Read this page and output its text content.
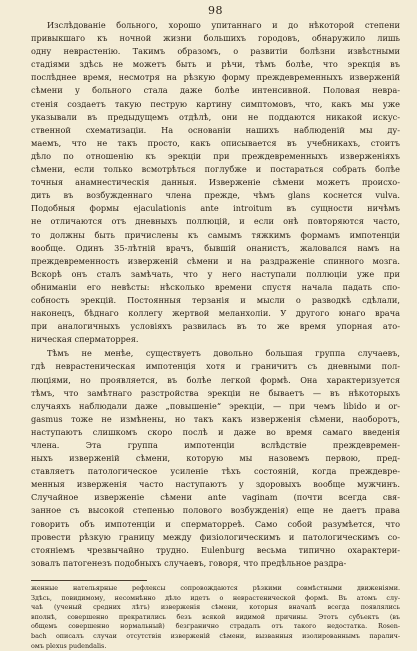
98
Изслѣдованіе больного, хорошо упитаннаго и до нѣкоторой степени
привыкшаго къ ночной жизни большихъ городовъ, обнаружило лишь
одну неврастенію. Такимъ образомъ, о развитіи болѣзни извѣстными
стадіями здѣсь не можетъ быть и рѣчи, тѣмъ болѣе, что эрекція въ
послѣднее время, несмотря на рѣзкую форму преждевременныхъ изверженій
сѣмени у больного стала даже болѣе интенсивной. Половая невра-
стенія создаетъ такую пеструю картину симптомовъ, что, какъ мы уже
указывали въ предыдущемъ отдѣлѣ, они не поддаются никакой искус-
ственной схематизаціи. На основаніи нашихъ наблюденій мы ду-
маемъ, что не такъ просто, какъ описывается въ учебникахъ, стоитъ
дѣло по отношенію къ эрекціи при преждевременныхъ изверженіяхъ
сѣмени, если только всмотрѣться поглубже и постараться собрать болѣе
точныя анамнестическія данныя. Изверженіе сѣмени можетъ происхо-
дить въ возбужденнаго члена прежде, чѣмъ glans коснется vulva.
Подобныя формы ejaculationis ante introitum въ сущности ничѣмъ
не отличаются отъ дневныхъ поллюцій, и если онѣ повторяются часто,
то должны быть причислены къ самымъ тяжкимъ формамъ импотенціи
вообще. Одинъ 35-лѣтній врачъ, бывшій онанистъ, жаловался намъ на
преждевременность изверженій сѣмени и на раздраженіе спинного мозга.
Вскорѣ онъ сталъ замѣчать, что у него наступали поллюціи уже при
обниманіи его невѣсты: нѣсколько времени спустя начала падать спо-
собность эрекцій. Постоянныя терзанія и мысли о разводкѣ сдѣлали,
наконецъ, бѣднаго коллегу жертвой меланхоліи. У другого юнаго врача
при аналогичныхъ условіяхъ развилась въ то же время упорная ато-
ническая сперматоррея.
Тѣмъ не менѣе, существуетъ довольно большая группа случаевъ,
гдѣ неврастеническая импотенція хотя и граничитъ съ дневными пол-
люціями, но проявляется, въ болѣе легкой формѣ. Она характеризуется
тѣмъ, что замѣтнаго разстройства эрекціи не бываетъ — въ нѣкоторыхъ
случаяхъ наблюдали даже „повышеніе“ эрекціи, — при чемъ libido и or-
gasmus тоже не измѣнены, но такъ какъ изверженія сѣмени, наоборотъ,
наступаютъ слишкомъ скоро послѣ и даже во время самаго введенія
члена. Эта группа импотенціи вслѣдствіе преждевремен-
ныхъ изверженій сѣмени, которую мы назовемъ первою, пред-
ставляетъ патологическое усиленіе тѣхъ состояній, когда преждевре-
менныя изверженія часто наступаютъ у здоровыхъ вообще мужчинъ.
Случайное изверженіе сѣмени ante vaginam (почти всегда свя-
занное съ высокой степенью полового возбужденія) еще не даетъ права
говорить объ импотенціи и сперматорреѣ. Само собой разумѣется, что
провести рѣзкую границу между физіологическимъ и патологическимъ со-
стояніемъ чрезвычайно трудно. Eulenburg весьма типично охарактери-
зовалъ патогенезъ подобныхъ случаевъ, говоря, что предѣльное раздра-
женные нательярные рефлексы сопровождаются рѣзкими совмѣстными движеніями.
Здѣсь, повидимому, несомнѣнно дѣло идетъ о неврастенической формѣ. Въ атомъ слу-
чаѣ (ученый средних лѣтъ) изверженія сѣмени, которыя вначалѣ всегда появлялись
вполнѣ, совершенно прекратились безъ всякой видимой причины. Этотъ субъектъ (въ
общемъ совершенно нормальный) безгранично страдалъ отъ такого недостатка. Rosen-
bach описалъ случаи отсутствія изверженій сѣмени, вызванныя изолированнымъ паралич-
омъ plexus pudendalis.
